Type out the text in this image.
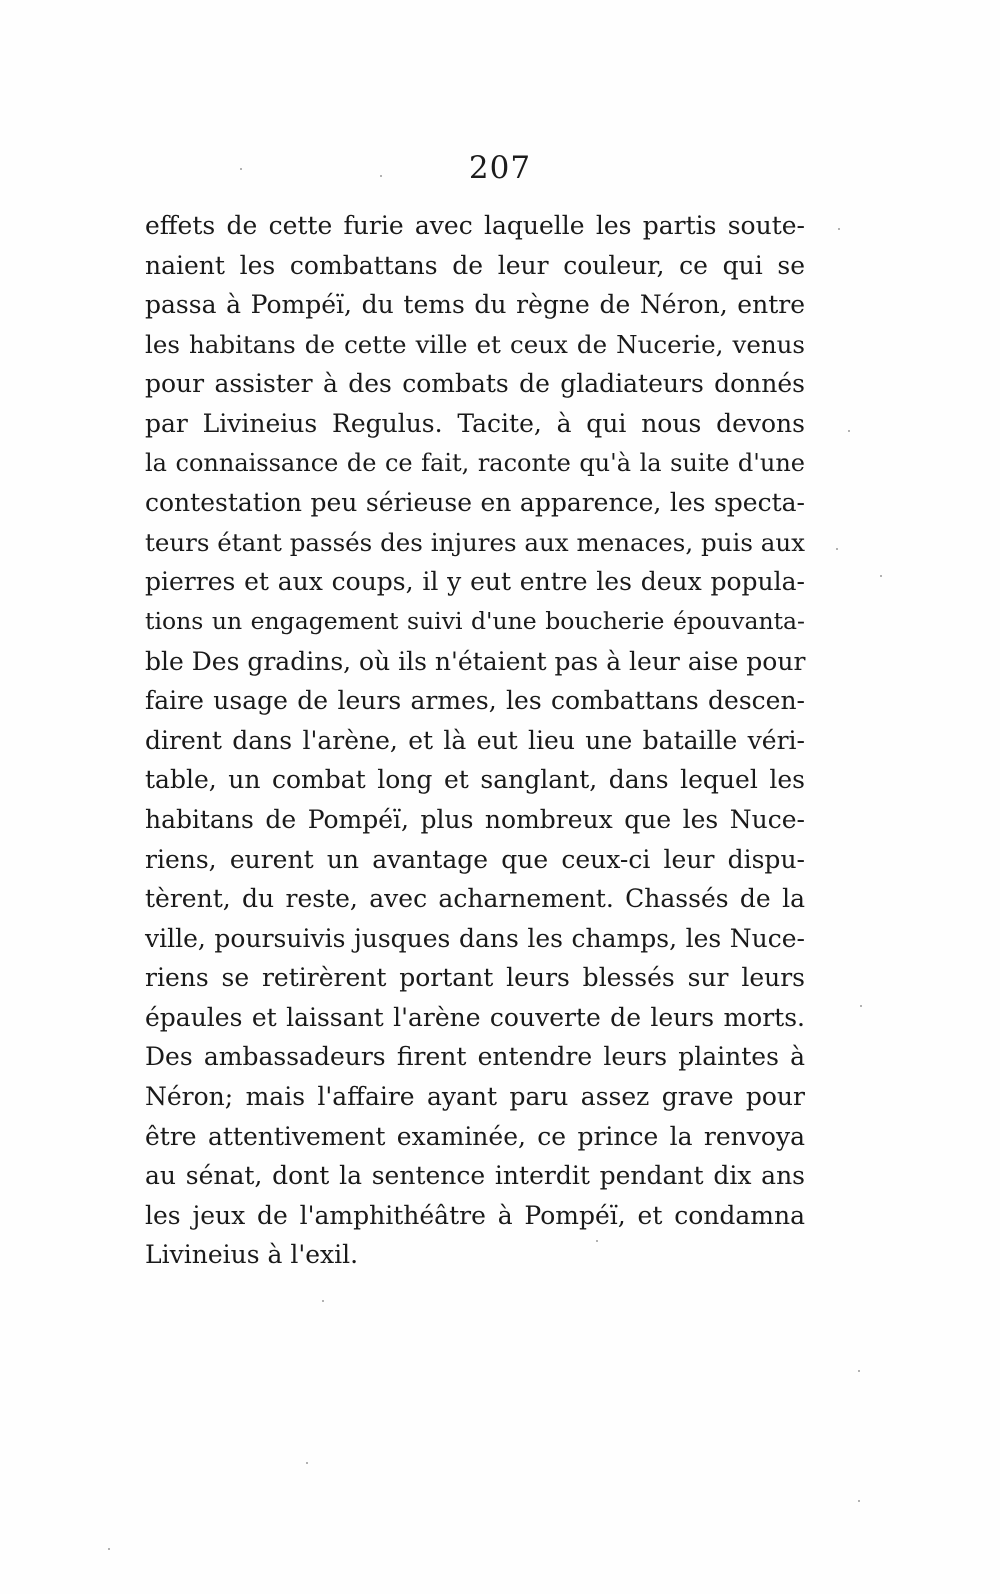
207
effets de cette furie avec laquelle les partis soute-
naient les combattans de leur couleur, ce qui se
passa à Pompéï, du tems du règne de Néron, entre
les habitans de cette ville et ceux de Nucerie, venus
pour assister à des combats de gladiateurs donnés
par Livineius Regulus. Tacite, à qui nous devons
la connaissance de ce fait, raconte qu'à la suite d'une
contestation peu sérieuse en apparence, les specta-
teurs étant passés des injures aux menaces, puis aux
pierres et aux coups, il y eut entre les deux popula-
tions un engagement suivi d'une boucherie épouvanta-
ble Des gradins, où ils n'étaient pas à leur aise pour
faire usage de leurs armes, les combattans descen-
dirent dans l'arène, et là eut lieu une bataille véri-
table, un combat long et sanglant, dans lequel les
habitans de Pompéï, plus nombreux que les Nuce-
riens, eurent un avantage que ceux-ci leur dispu-
tèrent, du reste, avec acharnement. Chassés de la
ville, poursuivis jusques dans les champs, les Nuce-
riens se retirèrent portant leurs blessés sur leurs
épaules et laissant l'arène couverte de leurs morts.
Des ambassadeurs firent entendre leurs plaintes à
Néron; mais l'affaire ayant paru assez grave pour
être attentivement examinée, ce prince la renvoya
au sénat, dont la sentence interdit pendant dix ans
les jeux de l'amphithéâtre à Pompéï, et condamna
Livineius à l'exil.
